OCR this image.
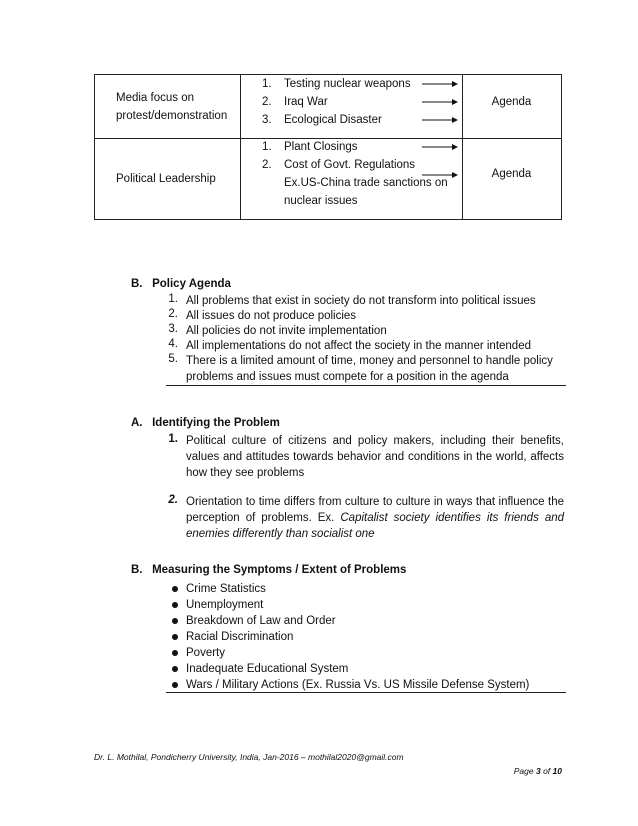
Media focus on
protest/demonstration
1. Testing nuclear weapons
2. Iraq War
3. Ecological Disaster
Agenda
Political Leadership
1. Plant Closings
2. Cost of Govt. Regulations
Ex.US-China trade sanctions on
nuclear issues
Agenda
B. Policy Agenda
1. All problems that exist in society do not transform into political issues
2. All issues do not produce policies
3. All policies do not invite implementation
4. All implementations do not affect the society in the manner intended
5. There is a limited amount of time, money and personnel to handle policy problems and issues must compete for a position in the agenda
A. Identifying the Problem
1. Political culture of citizens and policy makers, including their benefits, values and attitudes towards behavior and conditions in the world, affects how they see problems
2. Orientation to time differs from culture to culture in ways that influence the perception of problems. Ex. Capitalist society identifies its friends and enemies differently than socialist one
B. Measuring the Symptoms / Extent of Problems
Crime Statistics
Unemployment
Breakdown of Law and Order
Racial Discrimination
Poverty
Inadequate Educational System
Wars / Military Actions (Ex. Russia Vs. US Missile Defense System)
Dr. L. Mothilal, Pondicherry University, India, Jan-2016 – mothilal2020@gmail.com
Page 3 of 10
